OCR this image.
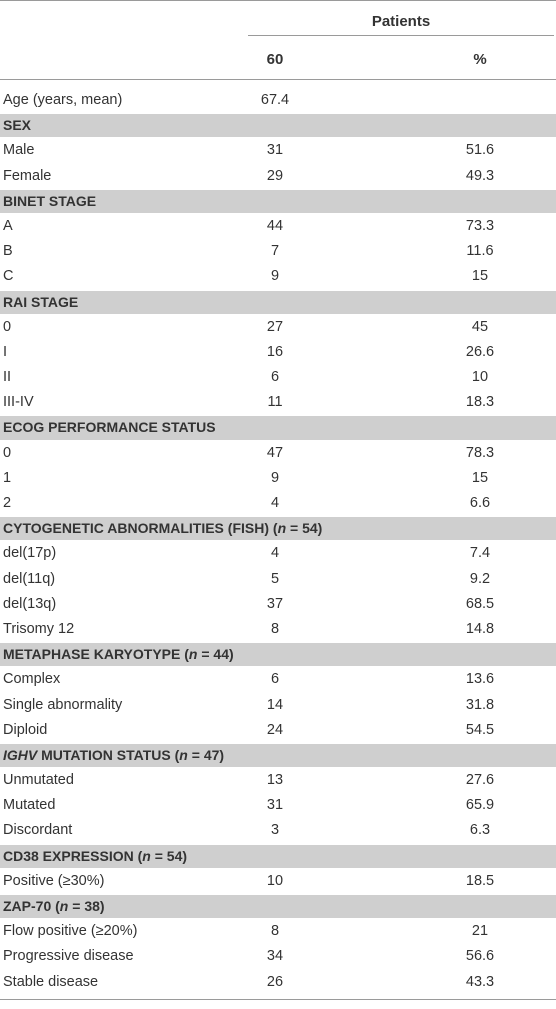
Patients
60	%
Age (years, mean)	67.4
SEX
Male	31	51.6
Female	29	49.3
BINET STAGE
A	44	73.3
B	7	11.6
C	9	15
RAI STAGE
0	27	45
I	16	26.6
II	6	10
III-IV	11	18.3
ECOG PERFORMANCE STATUS
0	47	78.3
1	9	15
2	4	6.6
CYTOGENETIC ABNORMALITIES (FISH) (n = 54)
del(17p)	4	7.4
del(11q)	5	9.2
del(13q)	37	68.5
Trisomy 12	8	14.8
METAPHASE KARYOTYPE (n = 44)
Complex	6	13.6
Single abnormality	14	31.8
Diploid	24	54.5
IGHV MUTATION STATUS (n = 47)
Unmutated	13	27.6
Mutated	31	65.9
Discordant	3	6.3
CD38 EXPRESSION (n = 54)
Positive (≥30%)	10	18.5
ZAP-70 (n = 38)
Flow positive (≥20%)	8	21
Progressive disease	34	56.6
Stable disease	26	43.3
